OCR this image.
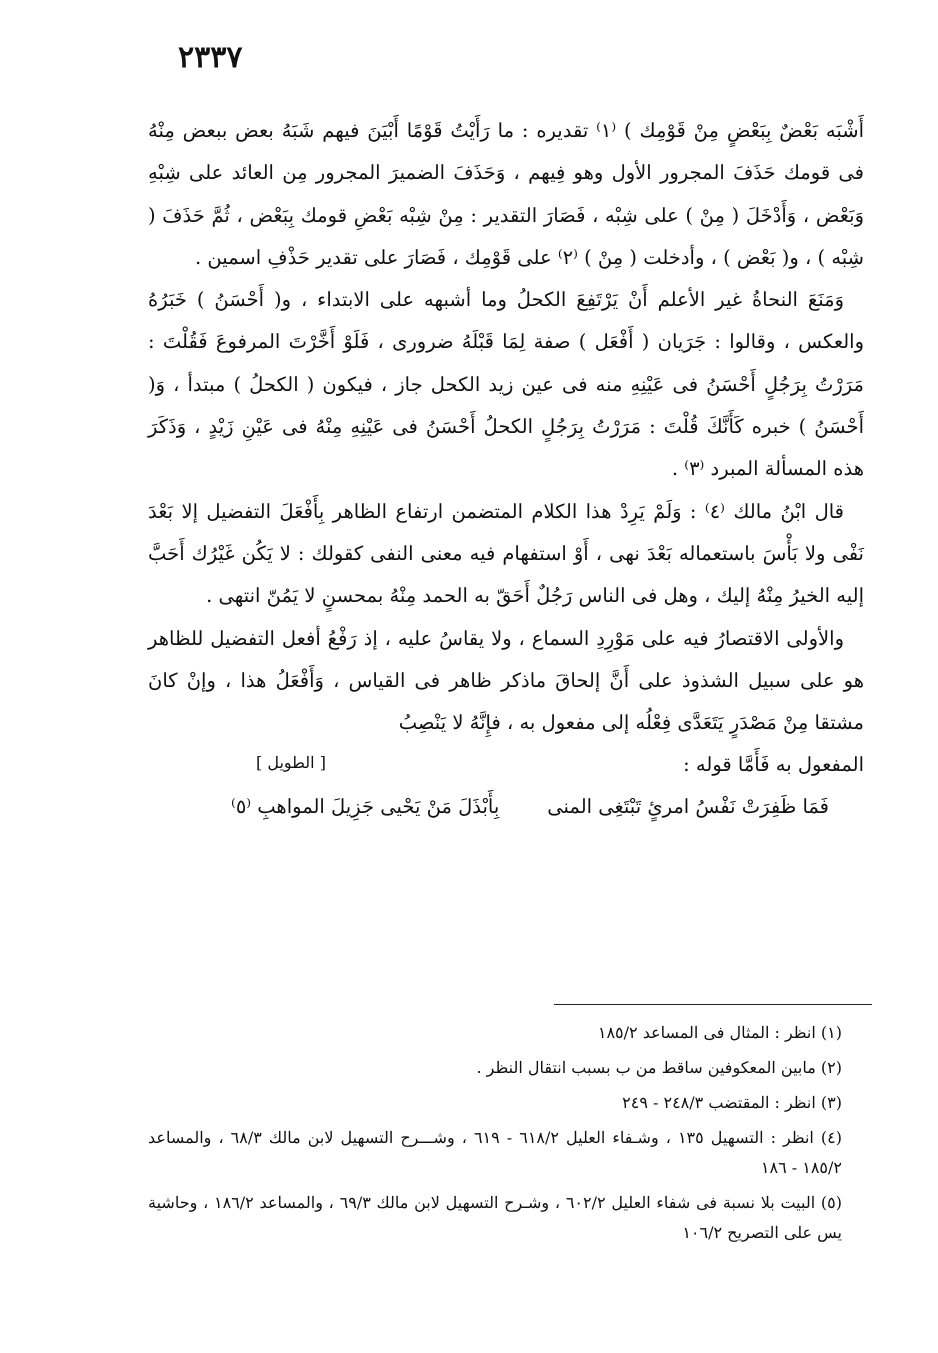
٢٣٣٧

أَشْبَه بَعْضٌ بِبَعْضٍ مِنْ قَوْمِك ) ⁽١⁾ تقديره : ما رَأَيْتُ قَوْمًا أَبْيَنَ فيهم شَبَهُ بعض ببعض مِنْهُ فى قومك حَذَفَ المجرور الأول وهو فِيهم ، وَحَذَفَ الضميرَ المجرور مِن العائد على شِبْهِ وَبَعْض ، وَأَدْخَلَ ( مِنْ ) على شِبْه ، فَصَارَ التقدير : مِنْ شِبْه بَعْضِ قومك بِبَعْض ، ثُمَّ حَذَفَ ( شِبْه ) ، و( بَعْض ) ، وأدخلت ( مِنْ ) ⁽٢⁾ على قَوْمِك ، فَصَارَ على تقدير حَذْفِ اسمين .

وَمَنَعَ النحاةُ غير الأعلم أَنْ يَرْتَفِعَ الكحلُ وما أشبهه على الابتداء ، و( أَحْسَنُ ) خَبَرُهُ والعكس ، وقالوا : جَرَيان ( أَفْعَل ) صفة لِمَا قَبْلَهُ ضرورى ، فَلَوْ أَخَّرْتَ المرفوعَ فَقُلْتَ : مَرَرْتُ بِرَجُلٍ أَحْسَنُ فى عَيْنِهِ منه فى عين زيد الكحل جاز ، فيكون ( الكحلُ ) مبتدأ ، وَ( أَحْسَنُ ) خبره كَأَنَّكَ قُلْتَ : مَرَرْتُ بِرَجُلٍ الكحلُ أَحْسَنُ فى عَيْنِهِ مِنْهُ فى عَيْنِ زَيْدٍ ، وَذَكَرَ هذه المسألة المبرد ⁽٣⁾ .

قال ابْنُ مالك ⁽٤⁾ : وَلَمْ يَرِدْ هذا الكلام المتضمن ارتفاع الظاهر بِأَفْعَلَ التفضيل إلا بَعْدَ نَفْى ولا بَأْسَ باستعماله بَعْدَ نهى ، أَوْ استفهام فيه معنى النفى كقولك : لا يَكُن غَيْرُك أَحَبَّ إليه الخيرُ مِنْهُ إليك ، وهل فى الناس رَجُلٌ أَحَقّ به الحمد مِنْهُ بمحسنٍ لا يَمُنّ انتهى .

والأولى الاقتصارُ فيه على مَوْرِدِ السماع ، ولا يقاسُ عليه ، إذ رَفْعُ أفعل التفضيل للظاهر هو على سبيل الشذوذ على أَنَّ إلحاقَ ماذكر ظاهر فى القياس ، وَأَفْعَلُ هذا ، وإنْ كانَ مشتقا مِنْ مَصْدَرٍ يَتَعَدَّى فِعْلُه إلى مفعول به ، فإِنَّهُ لا يَنْصِبُ

المفعول به فَأَمَّا قوله :
[ الطويل ]
فَمَا ظَفِرَتْ نَفْسُ امرئٍ تَبْتَغِى المنى
بِأَبْذَلَ مَنْ يَحْيى جَزِيلَ المواهبِ ⁽٥⁾

(١) انظر : المثال فى المساعد ١٨٥/٢

(٢) مابين المعكوفين ساقط من ب بسبب انتقال النظر .

(٣) انظر : المقتضب ٢٤٨/٣ - ٢٤٩

(٤) انظر : التسهيل ١٣٥ ، وشـفاء العليل ٦١٨/٢ - ٦١٩ ، وشـــرح التسهيل لابن مالك ٦٨/٣ ، والمساعد ١٨٥/٢ - ١٨٦

(٥) البيت بلا نسبة فى شفاء العليل ٦٠٢/٢ ، وشـرح التسهيل لابن مالك ٦٩/٣ ، والمساعد ١٨٦/٢ ، وحاشية يس على التصريح ١٠٦/٢
